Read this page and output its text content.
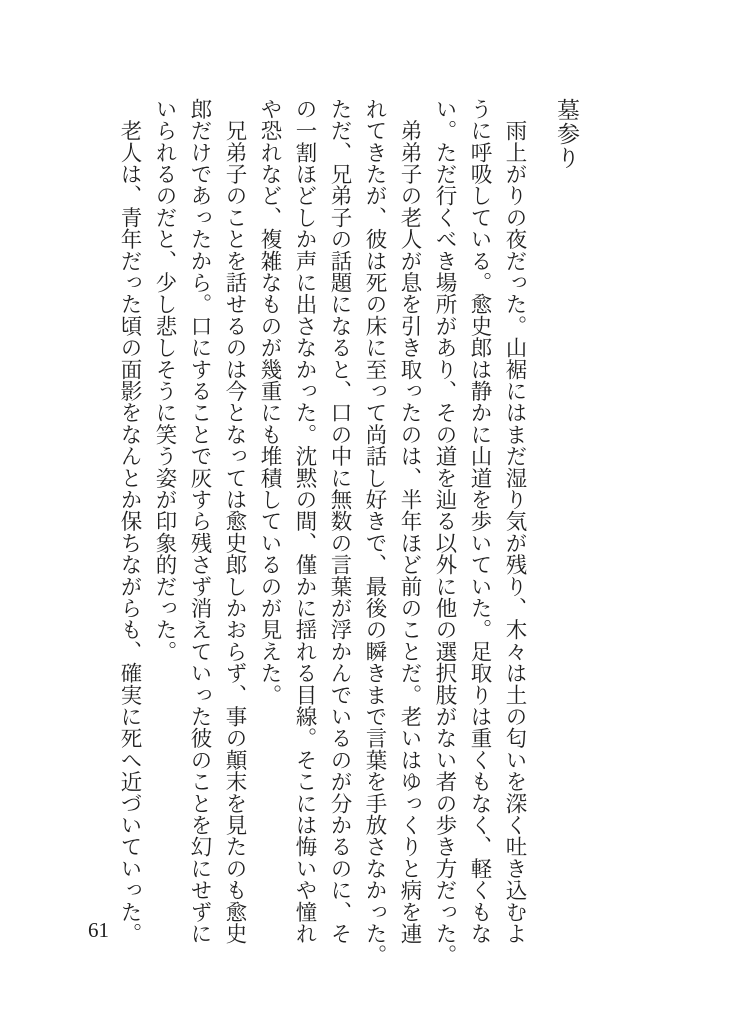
墓参り
　雨上がりの夜だった。山裾にはまだ湿り気が残り、木々は土の匂いを深く吐き込むよ
うに呼吸している。愈史郎は静かに山道を歩いていた。足取りは重くもなく、軽くもな
い。ただ行くべき場所があり、その道を辿る以外に他の選択肢がない者の歩き方だった。
　弟弟子の老人が息を引き取ったのは、半年ほど前のことだ。老いはゆっくりと病を連
れてきたが、彼は死の床に至って尚話し好きで、最後の瞬きまで言葉を手放さなかった。
ただ、兄弟子の話題になると、口の中に無数の言葉が浮かんでいるのが分かるのに、そ
の一割ほどしか声に出さなかった。沈黙の間、僅かに揺れる目線。そこには悔いや憧れ
や恐れなど、複雑なものが幾重にも堆積しているのが見えた。
　兄弟子のことを話せるのは今となっては愈史郎しかおらず、事の顛末を見たのも愈史
郎だけであったから。口にすることで灰すら残さず消えていった彼のことを幻にせずに
いられるのだと、少し悲しそうに笑う姿が印象的だった。
　老人は、青年だった頃の面影をなんとか保ちながらも、確実に死へ近づいていった。
61
